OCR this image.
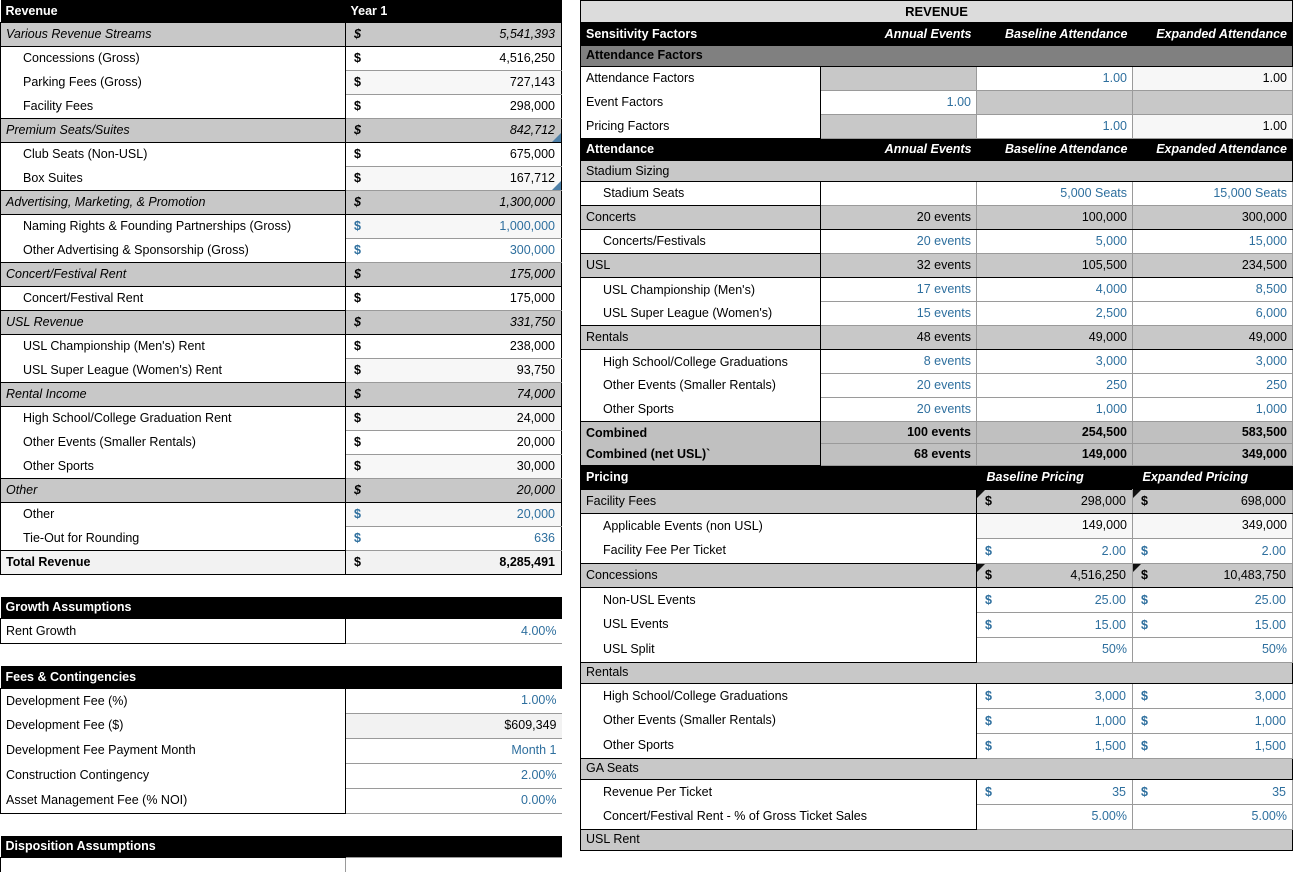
Revenue	Year 1

Various Revenue Streams	$ 5,541,393

Concessions (Gross)	$ 4,516,250

Parking Fees (Gross)	$ 727,143

Facility Fees	$ 298,000

Premium Seats/Suites	$ 842,712

Club Seats (Non-USL)	$ 675,000

Box Suites	$ 167,712

Advertising, Marketing, & Promotion	$ 1,300,000

Naming Rights & Founding Partnerships (Gross)	$ 1,000,000

Other Advertising & Sponsorship (Gross)	$ 300,000

Concert/Festival Rent	$ 175,000

Concert/Festival Rent	$ 175,000

USL Revenue	$ 331,750

USL Championship (Men's) Rent	$ 238,000

USL Super League (Women's) Rent	$ 93,750

Rental Income	$ 74,000

High School/College Graduation Rent	$ 24,000

Other Events (Smaller Rentals)	$ 20,000

Other Sports	$ 30,000

Other	$ 20,000

Other	$ 20,000

Tie-Out for Rounding	$ 636

Total Revenue	$ 8,285,491
Growth Assumptions

Rent Growth	4.00%
Fees & Contingencies	

Development Fee (%)	1.00%

Development Fee ($)	$609,349

Development Fee Payment Month	Month 1

Construction Contingency	2.00%

Asset Management Fee (% NOI)	0.00%
Disposition Assumptions

REVENUE
Sensitivity Factors	Annual Events	Baseline Attendance	Expanded Attendance

Attendance Factors			

Attendance Factors		1.00	1.00

Event Factors	1.00		

Pricing Factors		1.00	1.00
Attendance	Annual Events	Baseline Attendance	Expanded Attendance

Stadium Sizing			

Stadium Seats		5,000 Seats	15,000 Seats

Concerts	20 events	100,000	300,000

Concerts/Festivals	20 events	5,000	15,000

USL	32 events	105,500	234,500

USL Championship (Men's)	17 events	4,000	8,500

USL Super League (Women's)	15 events	2,500	6,000

Rentals	48 events	49,000	49,000

High School/College Graduations	8 events	3,000	3,000

Other Events (Smaller Rentals)	20 events	250	250

Other Sports	20 events	1,000	1,000

Combined	100 events	254,500	583,500

Combined (net USL)`	68 events	149,000	349,000
Pricing	Baseline Pricing	Expanded Pricing

Facility Fees	$ 298,000	$ 698,000

Applicable Events (non USL)	149,000	349,000

Facility Fee Per Ticket	$ 2.00	$ 2.00

Concessions	$ 4,516,250	$ 10,483,750

Non-USL Events	$ 25.00	$ 25.00

USL Events	$ 15.00	$ 15.00

USL Split	50%	50%

Rentals		

High School/College Graduations	$ 3,000	$ 3,000

Other Events (Smaller Rentals)	$ 1,000	$ 1,000

Other Sports	$ 1,500	$ 1,500

GA Seats		

Revenue Per Ticket	$ 35	$ 35

Concert/Festival Rent - % of Gross Ticket Sales	5.00%	5.00%

USL Rent		
